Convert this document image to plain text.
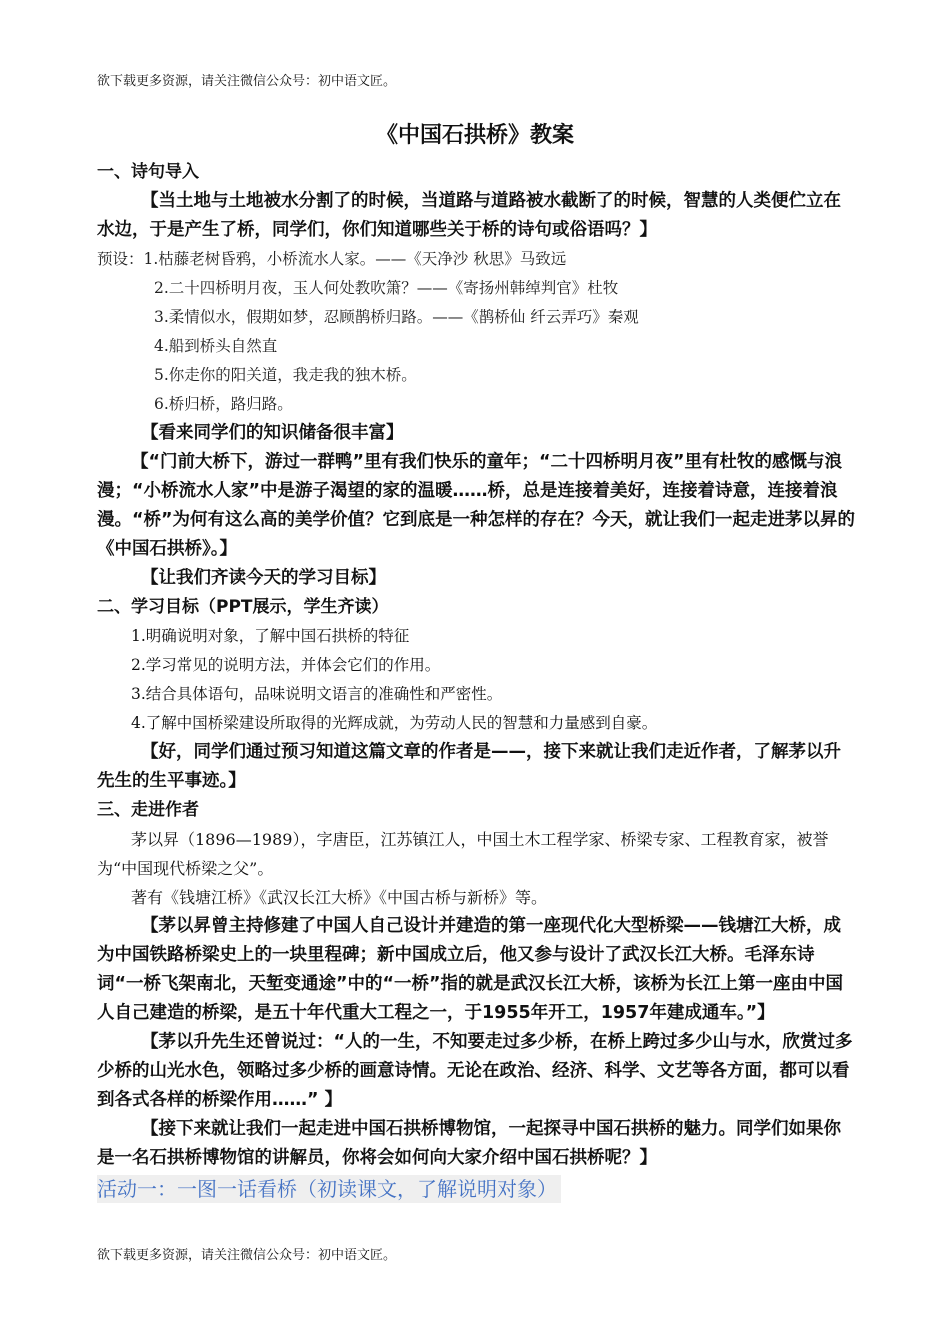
欲下载更多资源，请关注微信公众号：初中语文匠。
《中国石拱桥》教案

一、诗句导入

【当土地与土地被水分割了的时候，当道路与道路被水截断了的时候，智慧的人类便伫立在水边，于是产生了桥，同学们，你们知道哪些关于桥的诗句或俗语吗？】

预设：1.枯藤老树昏鸦，小桥流水人家。——《天净沙 秋思》马致远

2.二十四桥明月夜，玉人何处教吹箫？——《寄扬州韩绰判官》杜牧

3.柔情似水，假期如梦，忍顾鹊桥归路。——《鹊桥仙 纤云弄巧》秦观

4.船到桥头自然直

5.你走你的阳关道，我走我的独木桥。

6.桥归桥，路归路。

【看来同学们的知识储备很丰富】

【“门前大桥下，游过一群鸭”里有我们快乐的童年；“二十四桥明月夜”里有杜牧的感慨与浪漫；“小桥流水人家”中是游子渴望的家的温暖……桥，总是连接着美好，连接着诗意，连接着浪漫。“桥”为何有这么高的美学价值？它到底是一种怎样的存在？今天，就让我们一起走进茅以昇的《中国石拱桥》。】

【让我们齐读今天的学习目标】

二、学习目标（PPT展示，学生齐读）

1.明确说明对象，了解中国石拱桥的特征

2.学习常见的说明方法，并体会它们的作用。

3.结合具体语句，品味说明文语言的准确性和严密性。

4.了解中国桥梁建设所取得的光辉成就，为劳动人民的智慧和力量感到自豪。

【好，同学们通过预习知道这篇文章的作者是——，接下来就让我们走近作者，了解茅以升先生的生平事迹。】

三、走进作者

茅以昇（1896—1989），字唐臣，江苏镇江人，中国土木工程学家、桥梁专家、工程教育家，被誉为“中国现代桥梁之父”。

著有《钱塘江桥》《武汉长江大桥》《中国古桥与新桥》等。

【茅以昇曾主持修建了中国人自己设计并建造的第一座现代化大型桥梁——钱塘江大桥，成为中国铁路桥梁史上的一块里程碑；新中国成立后，他又参与设计了武汉长江大桥。毛泽东诗词“一桥飞架南北，天堑变通途”中的“一桥”指的就是武汉长江大桥，该桥为长江上第一座由中国人自己建造的桥梁，是五十年代重大工程之一，于1955年开工，1957年建成通车。”】

【茅以升先生还曾说过：“人的一生，不知要走过多少桥，在桥上跨过多少山与水，欣赏过多少桥的山光水色，领略过多少桥的画意诗情。无论在政治、经济、科学、文艺等各方面，都可以看到各式各样的桥梁作用……” 】

【接下来就让我们一起走进中国石拱桥博物馆，一起探寻中国石拱桥的魅力。同学们如果你是一名石拱桥博物馆的讲解员，你将会如何向大家介绍中国石拱桥呢？】

活动一：一图一话看桥（初读课文，了解说明对象）
欲下载更多资源，请关注微信公众号：初中语文匠。
